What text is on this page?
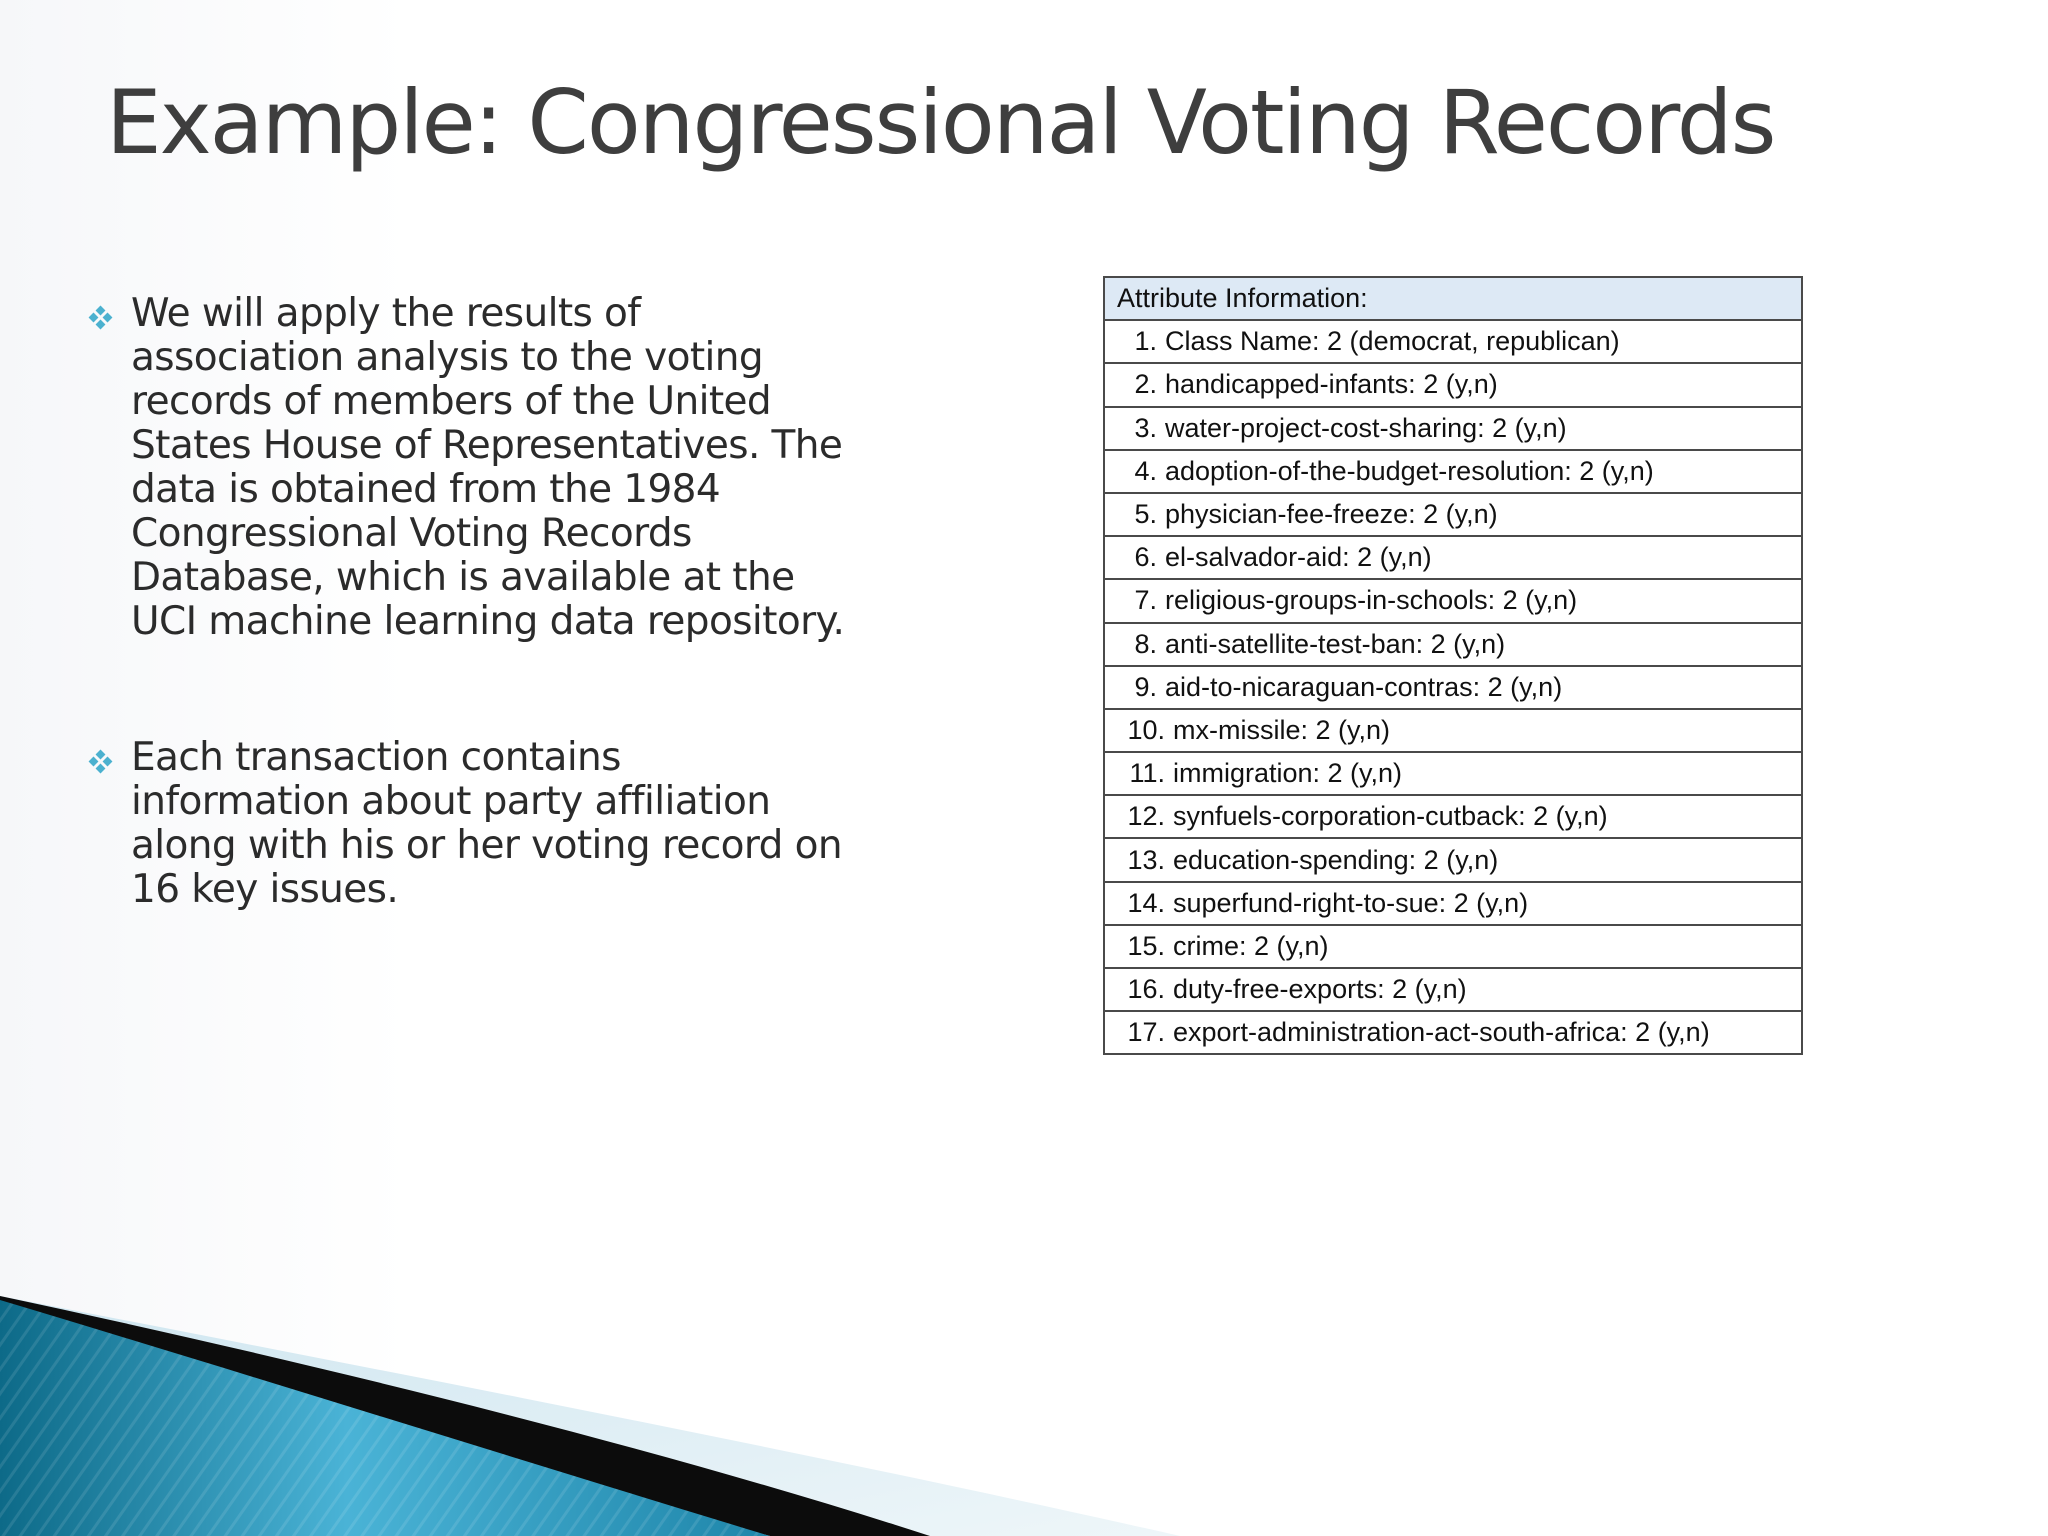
Example: Congressional Voting Records
We will apply the results of association analysis to the voting records of members of the United States House of Representatives. The data is obtained from the 1984 Congressional Voting Records Database, which is available at the UCI machine learning data repository.
Each transaction contains information about party affiliation along with his or her voting record on 16 key issues.
Attribute Information:
1. Class Name: 2 (democrat, republican)
2. handicapped-infants: 2 (y,n)
3. water-project-cost-sharing: 2 (y,n)
4. adoption-of-the-budget-resolution: 2 (y,n)
5. physician-fee-freeze: 2 (y,n)
6. el-salvador-aid: 2 (y,n)
7. religious-groups-in-schools: 2 (y,n)
8. anti-satellite-test-ban: 2 (y,n)
9. aid-to-nicaraguan-contras: 2 (y,n)
10. mx-missile: 2 (y,n)
11. immigration: 2 (y,n)
12. synfuels-corporation-cutback: 2 (y,n)
13. education-spending: 2 (y,n)
14. superfund-right-to-sue: 2 (y,n)
15. crime: 2 (y,n)
16. duty-free-exports: 2 (y,n)
17. export-administration-act-south-africa: 2 (y,n)
